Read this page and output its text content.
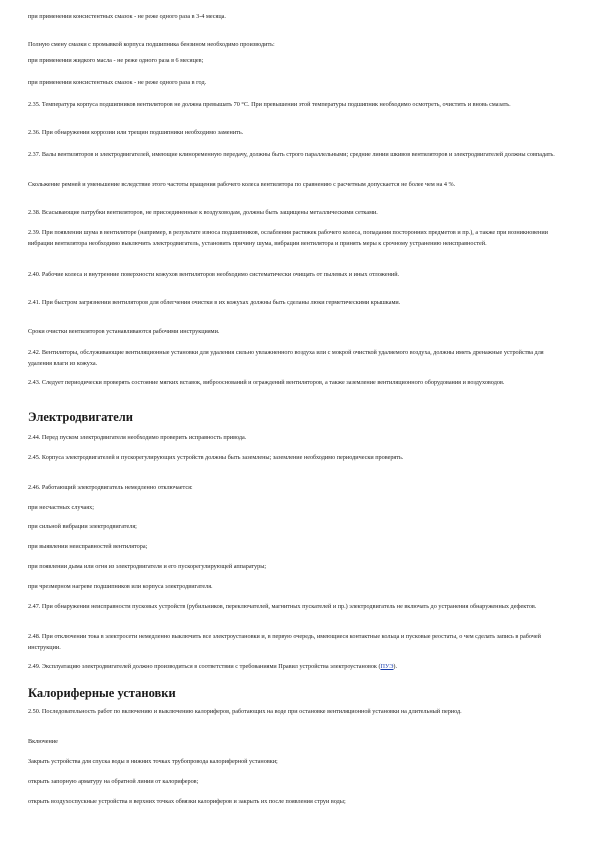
при применении консистентных смазок - не реже одного раза в 3-4 месяца.
Полную смену смазки с промывкой корпуса подшипника бензином необходимо производить:
при применении жидкого масла - не реже одного раза в 6 месяцев;
при применении консистентных смазок - не реже одного раза в год.
2.35. Температура корпуса подшипников вентиляторов не должна превышать 70 °С. При превышении этой температуры подшипник необходимо осмотреть, очистить и вновь смазать.
2.36. При обнаружении коррозии или трещин подшипники необходимо заменить.
2.37. Валы вентиляторов и электродвигателей, имеющие клиноременную передачу, должны быть строго параллельными; средние линии шкивов вентиляторов и электродвигателей должны совпадать.
Скольжение ремней и уменьшение вследствие этого частоты вращения рабочего колеса вентилятора по сравнению с расчетным допускается не более чем на 4 %.
2.38. Всасывающие патрубки вентиляторов, не присоединенные к воздуховодам, должны быть защищены металлическими сетками.
2.39. При появлении шума в вентиляторе (например, в результате износа подшипников, ослабления растяжек рабочего колеса, попадания посторонних предметов и пр.), а также при возникновении вибрации вентилятора необходимо выключить электродвигатель, установить причину шума, вибрации вентилятора и принять меры к срочному устранению неисправностей.
2.40. Рабочие колеса и внутренние поверхности кожухов вентиляторов необходимо систематически очищать от пылевых и иных отложений.
2.41. При быстром загрязнении вентиляторов для облегчения очистки в их кожухах должны быть сделаны люки герметическими крышками.
Сроки очистки вентиляторов устанавливаются рабочими инструкциями.
2.42. Вентиляторы, обслуживающие вентиляционные установки для удаления сильно увлажненного воздуха или с мокрой очисткой удаляемого воздуха, должны иметь дренажные устройства для удаления влаги из кожуха.
2.43. Следует периодически проверять состояние мягких вставок, виброоснований и ограждений вентиляторов, а также заземление вентиляционного оборудования и воздуховодов.
Электродвигатели
2.44. Перед пуском электродвигателя необходимо проверить исправность привода.
2.45. Корпуса электродвигателей и пускорегулирующих устройств должны быть заземлены; заземление необходимо периодически проверять.
2.46. Работающий электродвигатель немедленно отключается:
при несчастных случаях;
при сильной вибрации электродвигателя;
при выявлении неисправностей вентилятора;
при появлении дыма или огня из электродвигателя и его пускорегулирующей аппаратуры;
при чрезмерном нагреве подшипников или корпуса электродвигателя.
2.47. При обнаружении неисправности пусковых устройств (рубильников, переключателей, магнитных пускателей и пр.) электродвигатель не включать до устранения обнаруженных дефектов.
2.48. При отключении тока в электросети немедленно выключить все электроустановки и, в первую очередь, имеющиеся контактные кольца и пусковые реостаты, о чем сделать запись в рабочей инструкции.
2.49. Эксплуатацию электродвигателей должно производиться в соответствии с требованиями Правил устройства электроустановок (ПУЭ).
Калориферные установки
2.50. Последовательность работ по включению и выключению калориферов, работающих на воде при остановке вентиляционной установки на длительный период.
Включение
Закрыть устройства для спуска воды в нижних точках трубопровода калориферной установки;
открыть запорную арматуру на обратной линии от калориферов;
открыть воздухоспускные устройства в верхних точках обвязки калориферов и закрыть их после появления струи воды;
